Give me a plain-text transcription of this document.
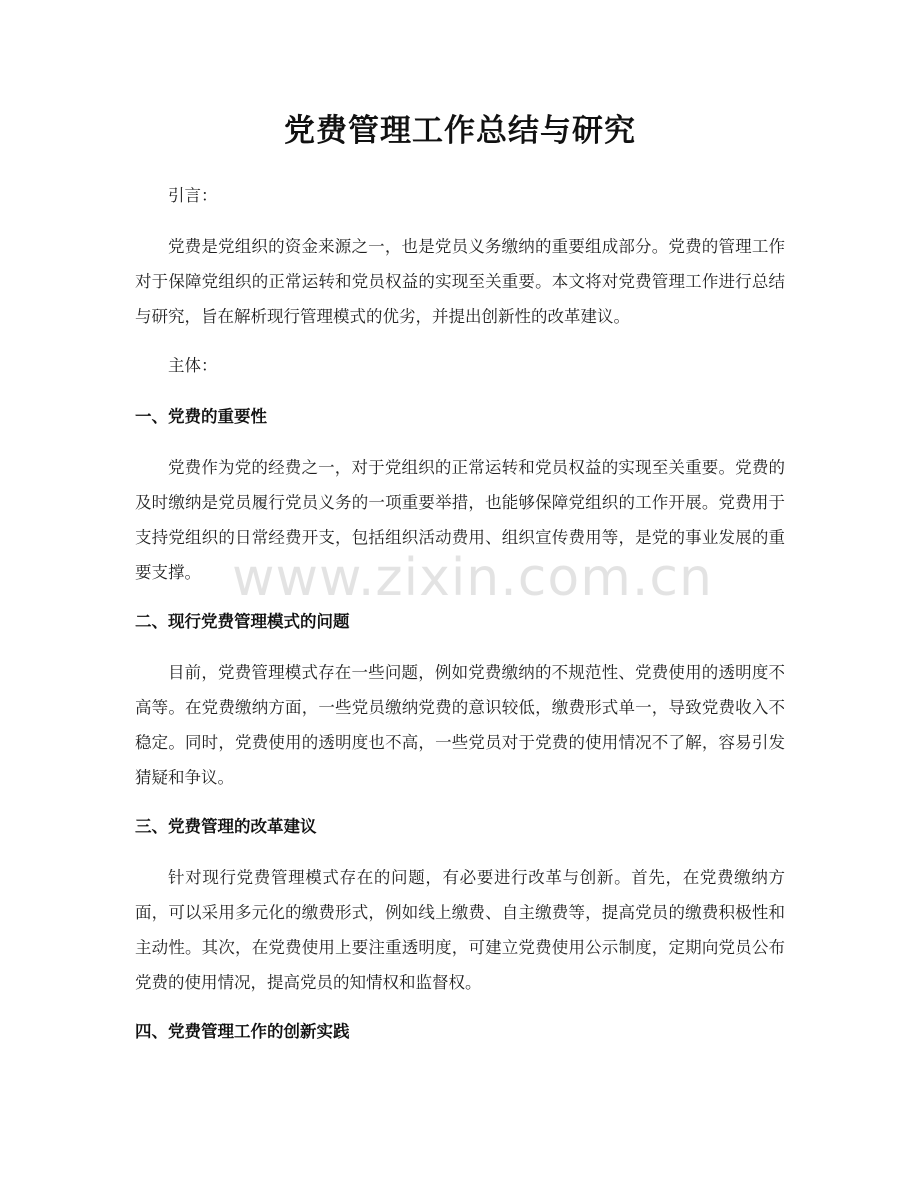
党费管理工作总结与研究

引言：

党费是党组织的资金来源之一，也是党员义务缴纳的重要组成部分。党费的管理工作对于保障党组织的正常运转和党员权益的实现至关重要。本文将对党费管理工作进行总结与研究，旨在解析现行管理模式的优劣，并提出创新性的改革建议。

主体：

一、党费的重要性

党费作为党的经费之一，对于党组织的正常运转和党员权益的实现至关重要。党费的及时缴纳是党员履行党员义务的一项重要举措，也能够保障党组织的工作开展。党费用于支持党组织的日常经费开支，包括组织活动费用、组织宣传费用等，是党的事业发展的重要支撑。

二、现行党费管理模式的问题

目前，党费管理模式存在一些问题，例如党费缴纳的不规范性、党费使用的透明度不高等。在党费缴纳方面，一些党员缴纳党费的意识较低，缴费形式单一，导致党费收入不稳定。同时，党费使用的透明度也不高，一些党员对于党费的使用情况不了解，容易引发猜疑和争议。

三、党费管理的改革建议

针对现行党费管理模式存在的问题，有必要进行改革与创新。首先，在党费缴纳方面，可以采用多元化的缴费形式，例如线上缴费、自主缴费等，提高党员的缴费积极性和主动性。其次，在党费使用上要注重透明度，可建立党费使用公示制度，定期向党员公布党费的使用情况，提高党员的知情权和监督权。

四、党费管理工作的创新实践
www.zixin.com.cn
